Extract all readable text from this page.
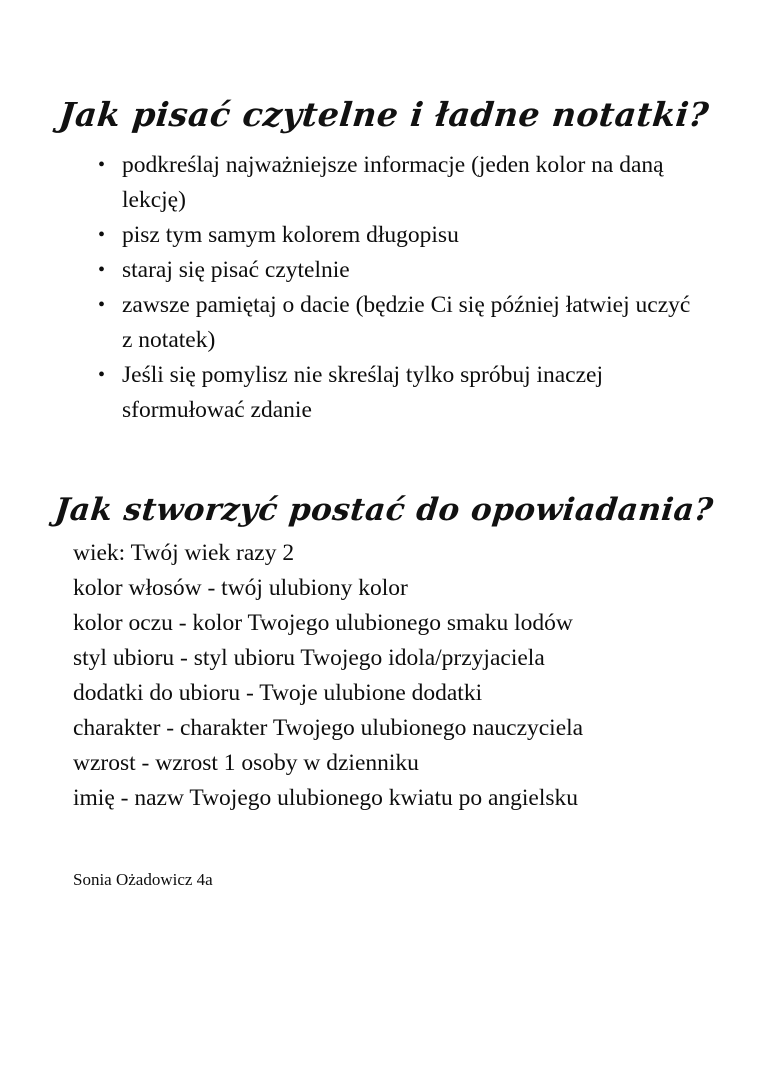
Jak pisać czytelne i ładne notatki?
• podkreślaj najważniejsze informacje (jeden kolor na daną lekcję)
• pisz tym samym kolorem długopisu
• staraj się pisać czytelnie
• zawsze pamiętaj o dacie (będzie Ci się później łatwiej uczyć z notatek)
• Jeśli się pomylisz nie skreślaj tylko spróbuj inaczej sformułować zdanie
Jak stworzyć postać do opowiadania?
wiek: Twój wiek razy 2
kolor włosów - twój ulubiony kolor
kolor oczu - kolor Twojego ulubionego smaku lodów
styl ubioru - styl ubioru Twojego idola/przyjaciela
dodatki do ubioru - Twoje ulubione dodatki
charakter - charakter Twojego ulubionego nauczyciela
wzrost - wzrost 1 osoby w dzienniku
imię - nazw Twojego ulubionego kwiatu po angielsku
Sonia Ożadowicz 4a
